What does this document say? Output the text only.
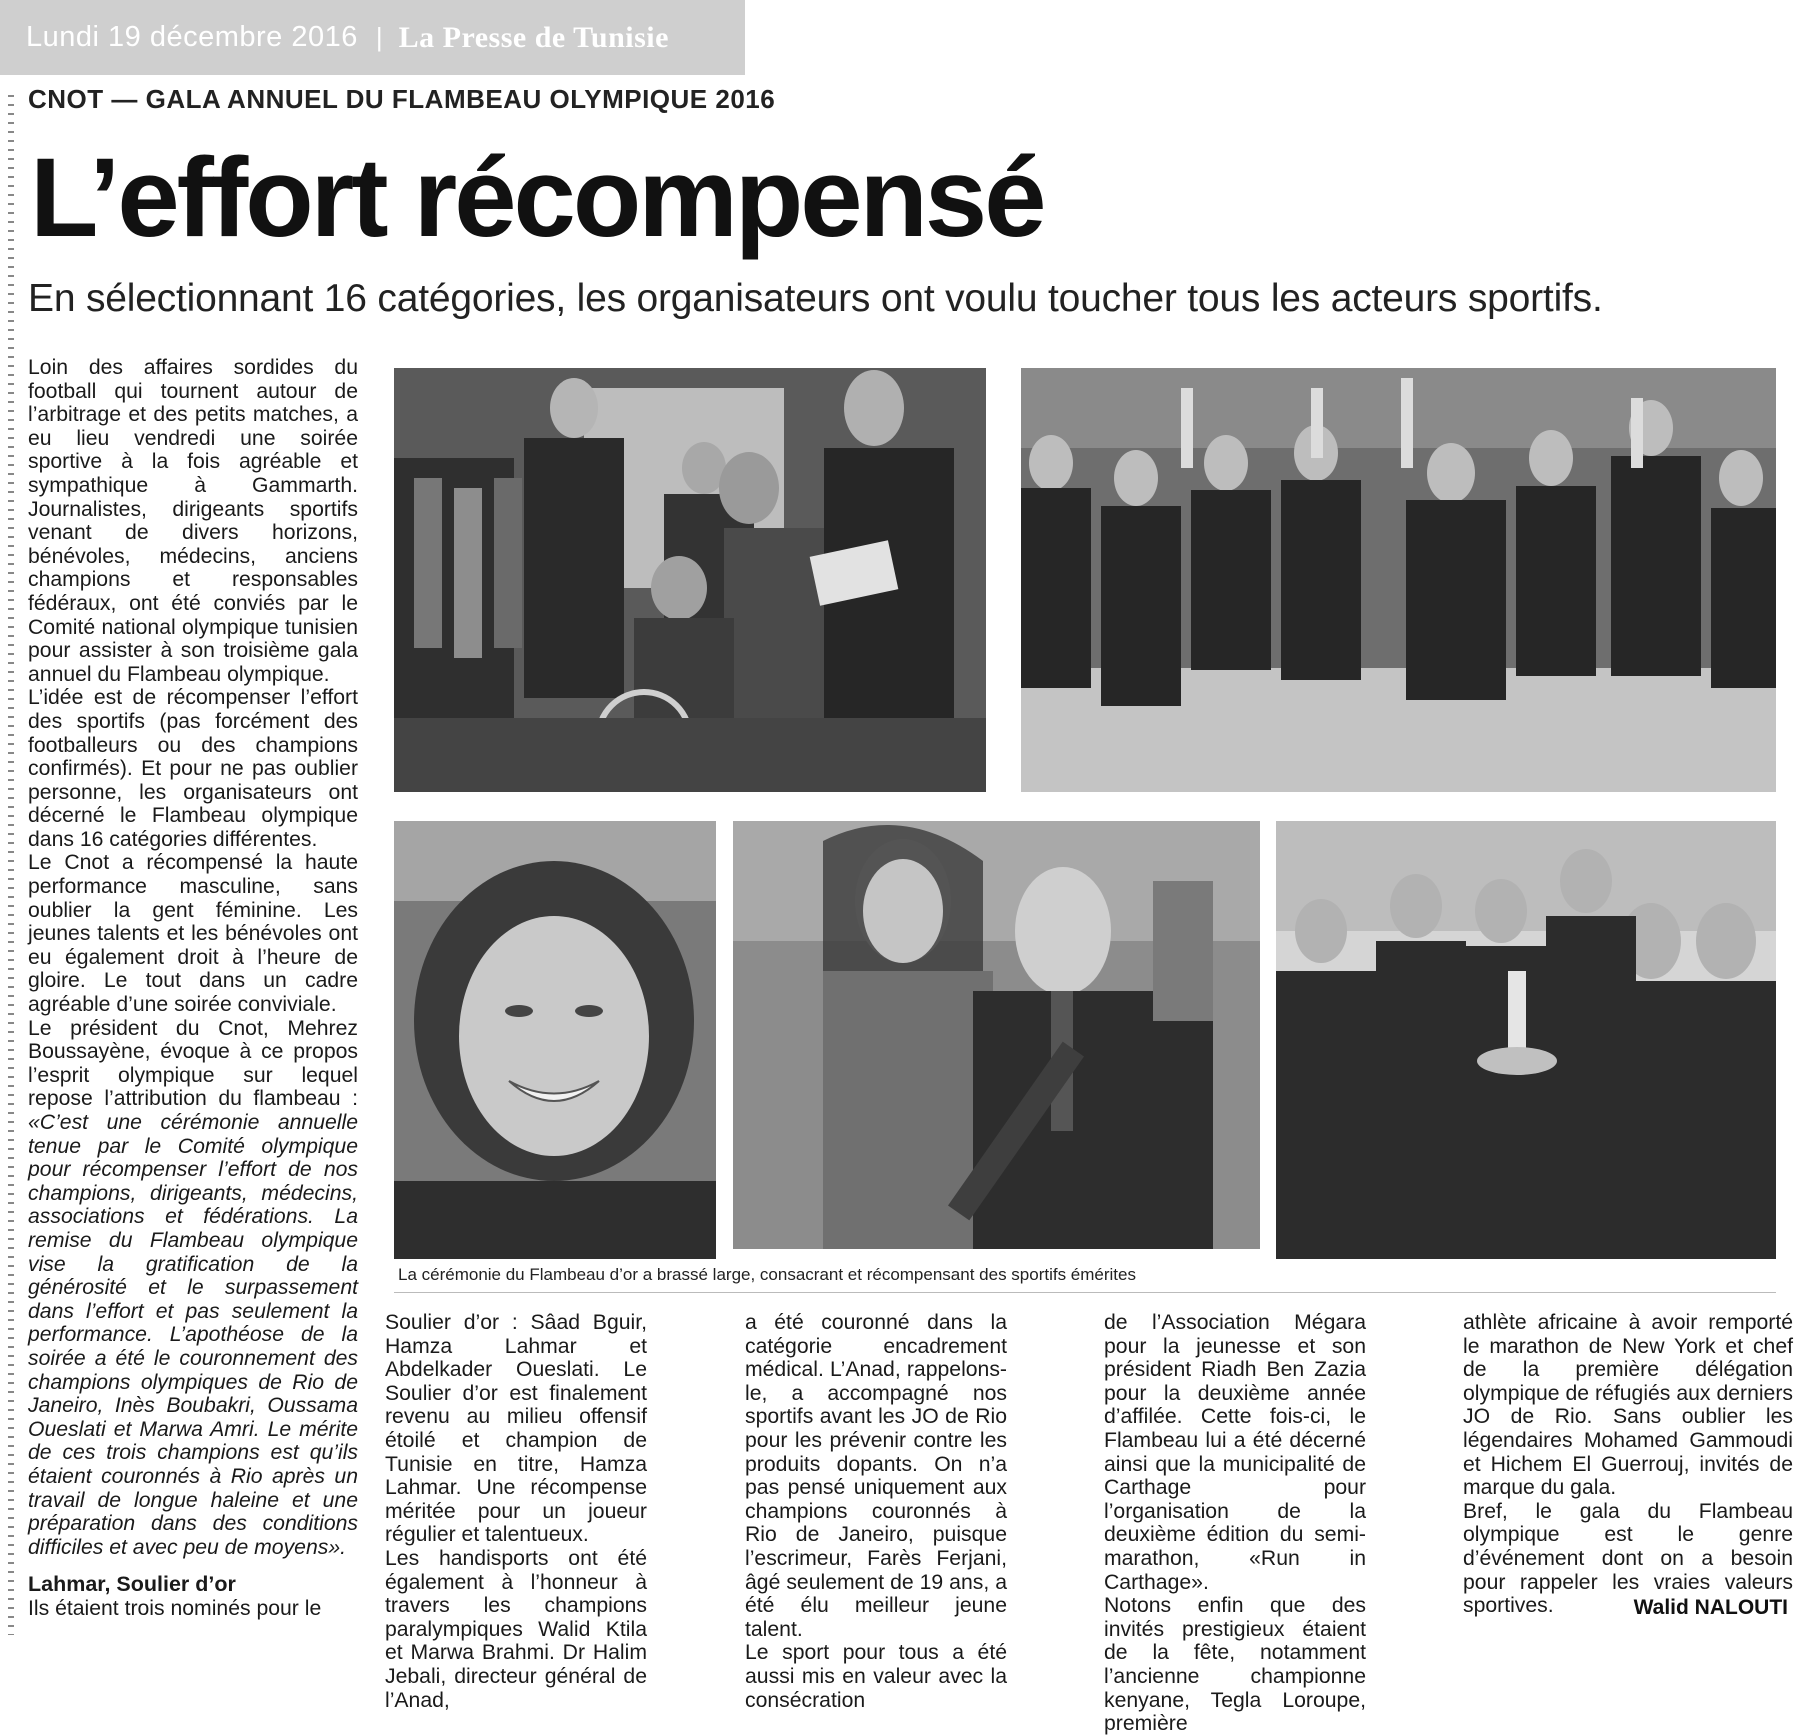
Lundi 19 décembre 2016 | La Presse de Tunisie
CNOT — GALA ANNUEL DU FLAMBEAU OLYMPIQUE 2016
L’effort récompensé
En sélectionnant 16 catégories, les organisateurs ont voulu toucher tous les acteurs sportifs.

Loin des affaires sordides du football qui tournent autour de l’arbitrage et des petits matches, a eu lieu vendredi une soirée sportive à la fois agréable et sympathique à Gammarth. Journalistes, dirigeants sportifs venant de divers horizons, bénévoles, médecins, anciens champions et responsables fédéraux, ont été conviés par le Comité national olympique tunisien pour assister à son troisième gala annuel du Flambeau olympique.

L’idée est de récompenser l’effort des sportifs (pas forcément des footballeurs ou des champions confirmés). Et pour ne pas oublier personne, les organisateurs ont décerné le Flambeau olympique dans 16 catégories différentes.

Le Cnot a récompensé la haute performance masculine, sans oublier la gent féminine. Les jeunes talents et les bénévoles ont eu également droit à l’heure de gloire. Le tout dans un cadre agréable d’une soirée conviviale.

Le président du Cnot, Mehrez Boussayène, évoque à ce propos l’esprit olympique sur lequel repose l’attribution du flambeau : «C’est une cérémonie annuelle tenue par le Comité olympique pour récompenser l’effort de nos champions, dirigeants, médecins, associations et fédérations. La remise du Flambeau olympique vise la gratification de la générosité et le surpassement dans l’effort et pas seulement la performance. L’apothéose de la soirée a été le couronnement des champions olympiques de Rio de Janeiro, Inès Boubakri, Oussama Oueslati et Marwa Amri. Le mérite de ces trois champions est qu’ils étaient couronnés à Rio après un travail de longue haleine et une préparation dans des conditions difficiles et avec peu de moyens».

Lahmar, Soulier d’or

Ils étaient trois nominés pour le

La cérémonie du Flambeau d’or a brassé large, consacrant et récompensant des sportifs émérites

Soulier d’or : Sâad Bguir, Hamza Lahmar et Abdelkader Oueslati. Le Soulier d’or est finalement revenu au milieu offensif étoilé et champion de Tunisie en titre, Hamza Lahmar. Une récompense méritée pour un joueur régulier et talentueux.

Les handisports ont été également à l’honneur à travers les champions paralympiques Walid Ktila et Marwa Brahmi. Dr Halim Jebali, directeur général de l’Anad,

a été couronné dans la catégorie encadrement médical. L’Anad, rappelons-le, a accompagné nos sportifs avant les JO de Rio pour les prévenir contre les produits dopants. On n’a pas pensé uniquement aux champions couronnés à Rio de Janeiro, puisque l’escrimeur, Farès Ferjani, âgé seulement de 19 ans, a été élu meilleur jeune talent.

Le sport pour tous a été aussi mis en valeur avec la consécration

de l’Association Mégara pour la jeunesse et son président Riadh Ben Zazia pour la deuxième année d’affilée. Cette fois-ci, le Flambeau lui a été décerné ainsi que la municipalité de Carthage pour l’organisation de la deuxième édition du semi-marathon, «Run in Carthage».

Notons enfin que des invités prestigieux étaient de la fête, notamment l’ancienne championne kenyane, Tegla Loroupe, première

athlète africaine à avoir remporté le marathon de New York et chef de la première délégation olympique de réfugiés aux derniers JO de Rio. Sans oublier les légendaires Mohamed Gammoudi et Hichem El Guerrouj, invités de marque du gala.

Bref, le gala du Flambeau olympique est le genre d’événement dont on a besoin pour rappeler les vraies valeurs sportives.	Walid NALOUTI
